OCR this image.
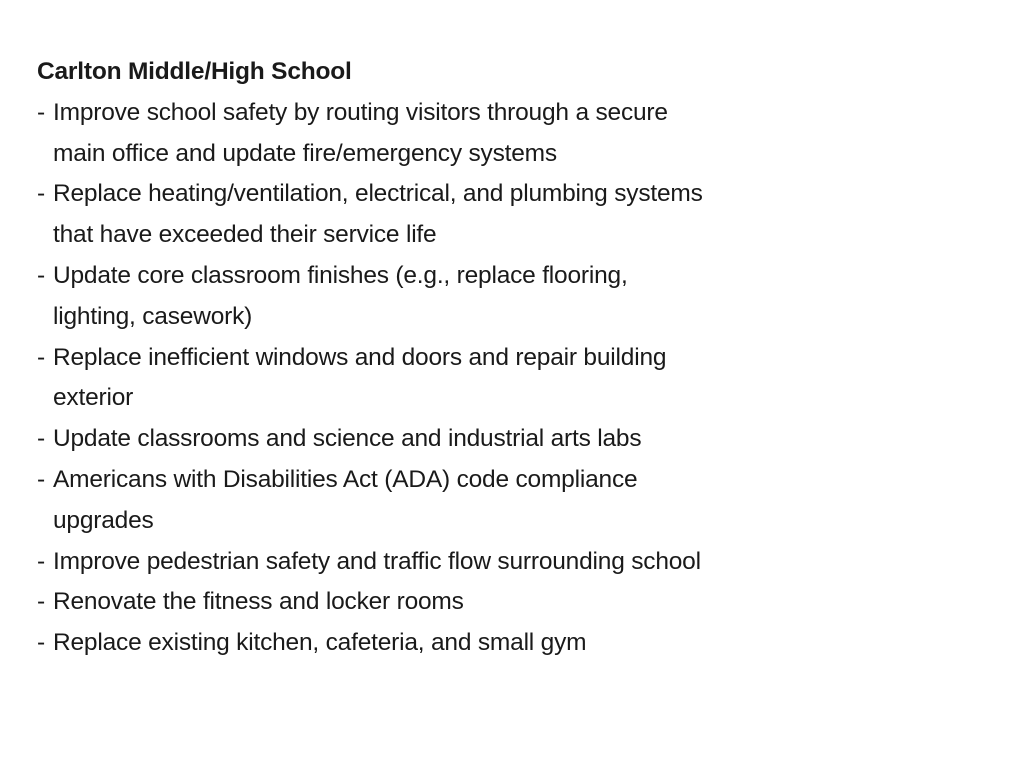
Carlton Middle/High School
- Improve school safety by routing visitors through a secure
main office and update fire/emergency systems
- Replace heating/ventilation, electrical, and plumbing systems
that have exceeded their service life
- Update core classroom finishes (e.g., replace flooring,
lighting, casework)
- Replace inefficient windows and doors and repair building
exterior
- Update classrooms and science and industrial arts labs
- Americans with Disabilities Act (ADA) code compliance
upgrades
- Improve pedestrian safety and traffic flow surrounding school
- Renovate the fitness and locker rooms
- Replace existing kitchen, cafeteria, and small gym
